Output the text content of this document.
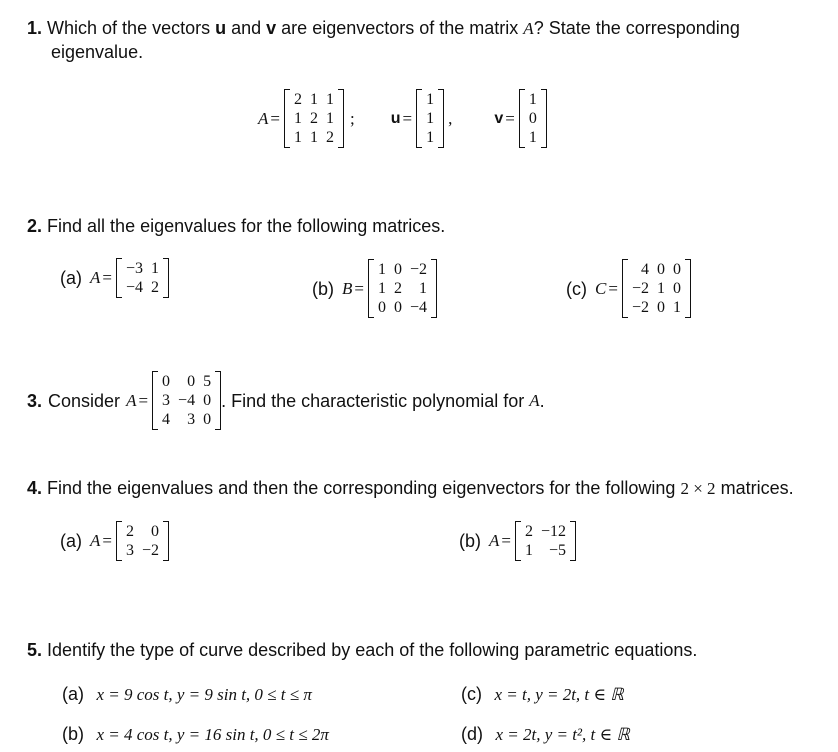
1. Which of the vectors u and v are eigenvectors of the matrix A? State the corresponding
eigenvalue.
A =
2	1	1
1	2	1
1	1	2
; u =
1
1
1
,	v =
1
0
1
2. Find all the eigenvalues for the following matrices.
(a) A = −3	1
−4	2	(b) B =
1	0	−2
1	2	1
0	0	−4
(c) C =
4	0	0
−2	1	0
−2	0	1
3. Consider A =
0	0	5
3	−4	0
4	3	0
. Find the characteristic polynomial for A .
4. Find the eigenvalues and then the corresponding eigenvectors for the following 2 × 2 matrices.
(a) A = 2	0
3	−2	(b) A = 2	−12
1	−5
5. Identify the type of curve described by each of the following parametric equations.
(a) x = 9 cos t, y = 9 sin t, 0 ≤ t ≤ π
(b) x = 4 cos t, y = 16 sin t, 0 ≤ t ≤ 2π
(c) x = t, y = 2t, t ∈ ℝ
(d) x = 2t, y = t², t ∈ ℝ
